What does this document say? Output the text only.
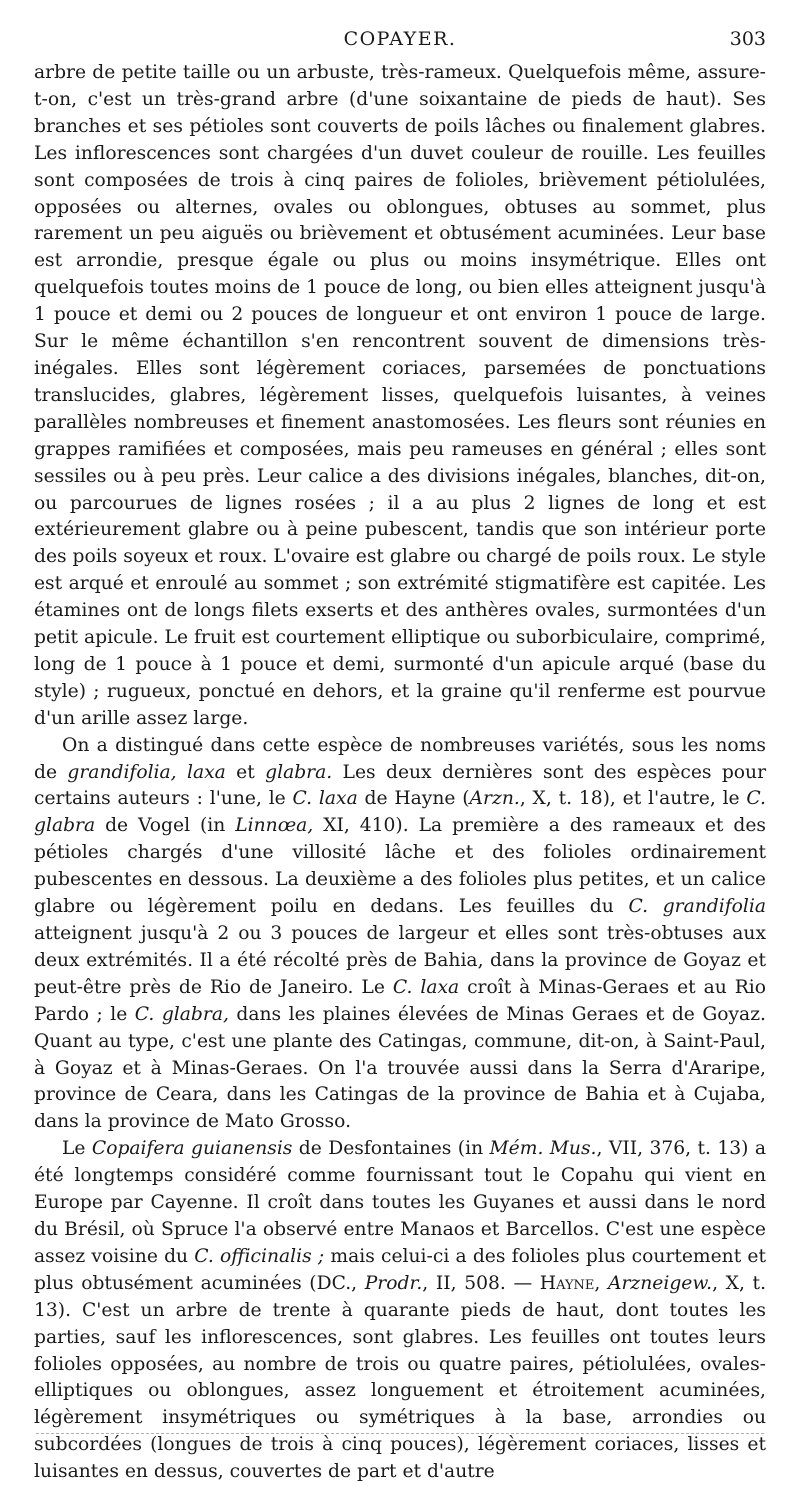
COPAYER.	303

arbre de petite taille ou un arbuste, très-rameux. Quelquefois même, assure-t-on, c'est un très-grand arbre (d'une soixantaine de pieds de haut). Ses branches et ses pétioles sont couverts de poils lâches ou finalement glabres. Les inflorescences sont chargées d'un duvet couleur de rouille. Les feuilles sont composées de trois à cinq paires de folioles, brièvement pétiolulées, opposées ou alternes, ovales ou oblongues, obtuses au sommet, plus rarement un peu aiguës ou brièvement et obtusément acuminées. Leur base est arrondie, presque égale ou plus ou moins insymétrique. Elles ont quelquefois toutes moins de 1 pouce de long, ou bien elles atteignent jusqu'à 1 pouce et demi ou 2 pouces de longueur et ont environ 1 pouce de large. Sur le même échantillon s'en rencontrent souvent de dimensions très-inégales. Elles sont légèrement coriaces, parsemées de ponctuations translucides, glabres, légèrement lisses, quelquefois luisantes, à veines parallèles nombreuses et finement anastomosées. Les fleurs sont réunies en grappes ramifiées et composées, mais peu rameuses en général ; elles sont sessiles ou à peu près. Leur calice a des divisions inégales, blanches, dit-on, ou parcourues de lignes rosées ; il a au plus 2 lignes de long et est extérieurement glabre ou à peine pubescent, tandis que son intérieur porte des poils soyeux et roux. L'ovaire est glabre ou chargé de poils roux. Le style est arqué et enroulé au sommet ; son extrémité stigmatifère est capitée. Les étamines ont de longs filets exserts et des anthères ovales, surmontées d'un petit apicule. Le fruit est courtement elliptique ou suborbiculaire, comprimé, long de 1 pouce à 1 pouce et demi, surmonté d'un apicule arqué (base du style) ; rugueux, ponctué en dehors, et la graine qu'il renferme est pourvue d'un arille assez large.

On a distingué dans cette espèce de nombreuses variétés, sous les noms de grandifolia, laxa et glabra. Les deux dernières sont des espèces pour certains auteurs : l'une, le C. laxa de Hayne (Arzn., X, t. 18), et l'autre, le C. glabra de Vogel (in Linnœa, XI, 410). La première a des rameaux et des pétioles chargés d'une villosité lâche et des folioles ordinairement pubescentes en dessous. La deuxième a des folioles plus petites, et un calice glabre ou légèrement poilu en dedans. Les feuilles du C. grandifolia atteignent jusqu'à 2 ou 3 pouces de largeur et elles sont très-obtuses aux deux extrémités. Il a été récolté près de Bahia, dans la province de Goyaz et peut-être près de Rio de Janeiro. Le C. laxa croît à Minas-Geraes et au Rio Pardo ; le C. glabra, dans les plaines élevées de Minas Geraes et de Goyaz. Quant au type, c'est une plante des Catingas, commune, dit-on, à Saint-Paul, à Goyaz et à Minas-Geraes. On l'a trouvée aussi dans la Serra d'Araripe, province de Ceara, dans les Catingas de la province de Bahia et à Cujaba, dans la province de Mato Grosso.

Le Copaifera guianensis de Desfontaines (in Mém. Mus., VII, 376, t. 13) a été longtemps considéré comme fournissant tout le Copahu qui vient en Europe par Cayenne. Il croît dans toutes les Guyanes et aussi dans le nord du Brésil, où Spruce l'a observé entre Manaos et Barcellos. C'est une espèce assez voisine du C. officinalis ; mais celui-ci a des folioles plus courtement et plus obtusément acuminées (DC., Prodr., II, 508. — Hayne, Arzneigew., X, t. 13). C'est un arbre de trente à quarante pieds de haut, dont toutes les parties, sauf les inflorescences, sont glabres. Les feuilles ont toutes leurs folioles opposées, au nombre de trois ou quatre paires, pétiolulées, ovales-elliptiques ou oblongues, assez longuement et étroitement acuminées, légèrement insymétriques ou symétriques à la base, arrondies ou subcordées (longues de trois à cinq pouces), légèrement coriaces, lisses et luisantes en dessus, couvertes de part et d'autre
